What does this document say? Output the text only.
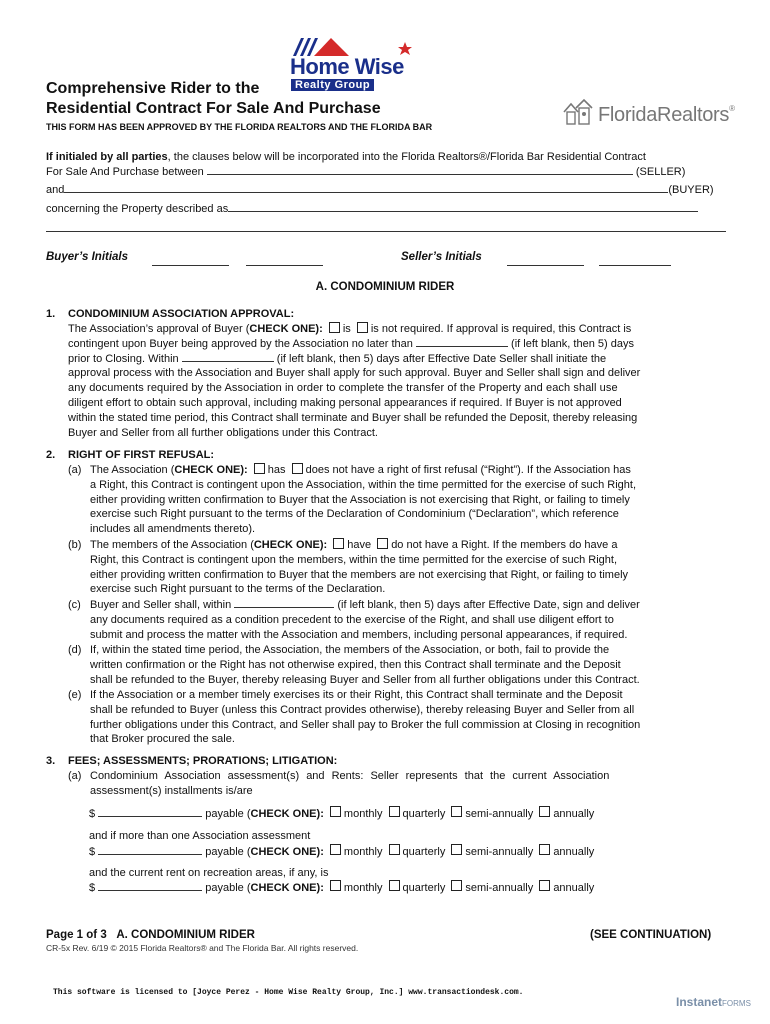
Home Wise
Realty Group
Comprehensive Rider to the
Residential Contract For Sale And Purchase
THIS FORM HAS BEEN APPROVED BY THE FLORIDA REALTORS AND THE FLORIDA BAR
FloridaRealtors®
If initialed by all parties, the clauses below will be incorporated into the Florida Realtors®/Florida Bar Residential Contract
For Sale And Purchase between	(SELLER)
and	(BUYER)
concerning the Property described as
Buyer’s Initials	Seller’s Initials
A. CONDOMINIUM RIDER
1. CONDOMINIUM ASSOCIATION APPROVAL:
The Association’s approval of Buyer (CHECK ONE): is is not required. If approval is required, this Contract is
contingent upon Buyer being approved by the Association no later than	(if left blank, then 5) days
prior to Closing. Within	(if left blank, then 5) days after Effective Date Seller shall initiate the
approval process with the Association and Buyer shall apply for such approval. Buyer and Seller shall sign and deliver
any documents required by the Association in order to complete the transfer of the Property and each shall use
diligent effort to obtain such approval, including making personal appearances if required. If Buyer is not approved
within the stated time period, this Contract shall terminate and Buyer shall be refunded the Deposit, thereby releasing
Buyer and Seller from all further obligations under this Contract.
2. RIGHT OF FIRST REFUSAL:
(a) The Association (CHECK ONE): has does not have a right of first refusal (“Right”). If the Association has
a Right, this Contract is contingent upon the Association, within the time permitted for the exercise of such Right,
either providing written confirmation to Buyer that the Association is not exercising that Right, or failing to timely
exercise such Right pursuant to the terms of the Declaration of Condominium (“Declaration”, which reference
includes all amendments thereto).
(b) The members of the Association (CHECK ONE): have do not have a Right. If the members do have a
Right, this Contract is contingent upon the members, within the time permitted for the exercise of such Right,
either providing written confirmation to Buyer that the members are not exercising that Right, or failing to timely
exercise such Right pursuant to the terms of the Declaration.
(c) Buyer and Seller shall, within	(if left blank, then 5) days after Effective Date, sign and deliver
any documents required as a condition precedent to the exercise of the Right, and shall use diligent effort to
submit and process the matter with the Association and members, including personal appearances, if required.
(d) If, within the stated time period, the Association, the members of the Association, or both, fail to provide the
written confirmation or the Right has not otherwise expired, then this Contract shall terminate and the Deposit
shall be refunded to the Buyer, thereby releasing Buyer and Seller from all further obligations under this Contract.
(e) If the Association or a member timely exercises its or their Right, this Contract shall terminate and the Deposit
shall be refunded to Buyer (unless this Contract provides otherwise), thereby releasing Buyer and Seller from all
further obligations under this Contract, and Seller shall pay to Broker the full commission at Closing in recognition
that Broker procured the sale.
3. FEES; ASSESSMENTS; PRORATIONS; LITIGATION:
(a) Condominium Association assessment(s) and Rents: Seller represents that the current Association
assessment(s) installments is/are
$	payable (CHECK ONE): monthly quarterly semi-annually annually
and if more than one Association assessment
$	payable (CHECK ONE): monthly quarterly semi-annually annually
and the current rent on recreation areas, if any, is
$	payable (CHECK ONE): monthly quarterly semi-annually annually
Page 1 of 3 A. CONDOMINIUM RIDER	(SEE CONTINUATION)
CR-5x Rev. 6/19 © 2015 Florida Realtors® and The Florida Bar. All rights reserved.
This software is licensed to [Joyce Perez - Home Wise Realty Group, Inc.] www.transactiondesk.com.
InstanetFORMS
